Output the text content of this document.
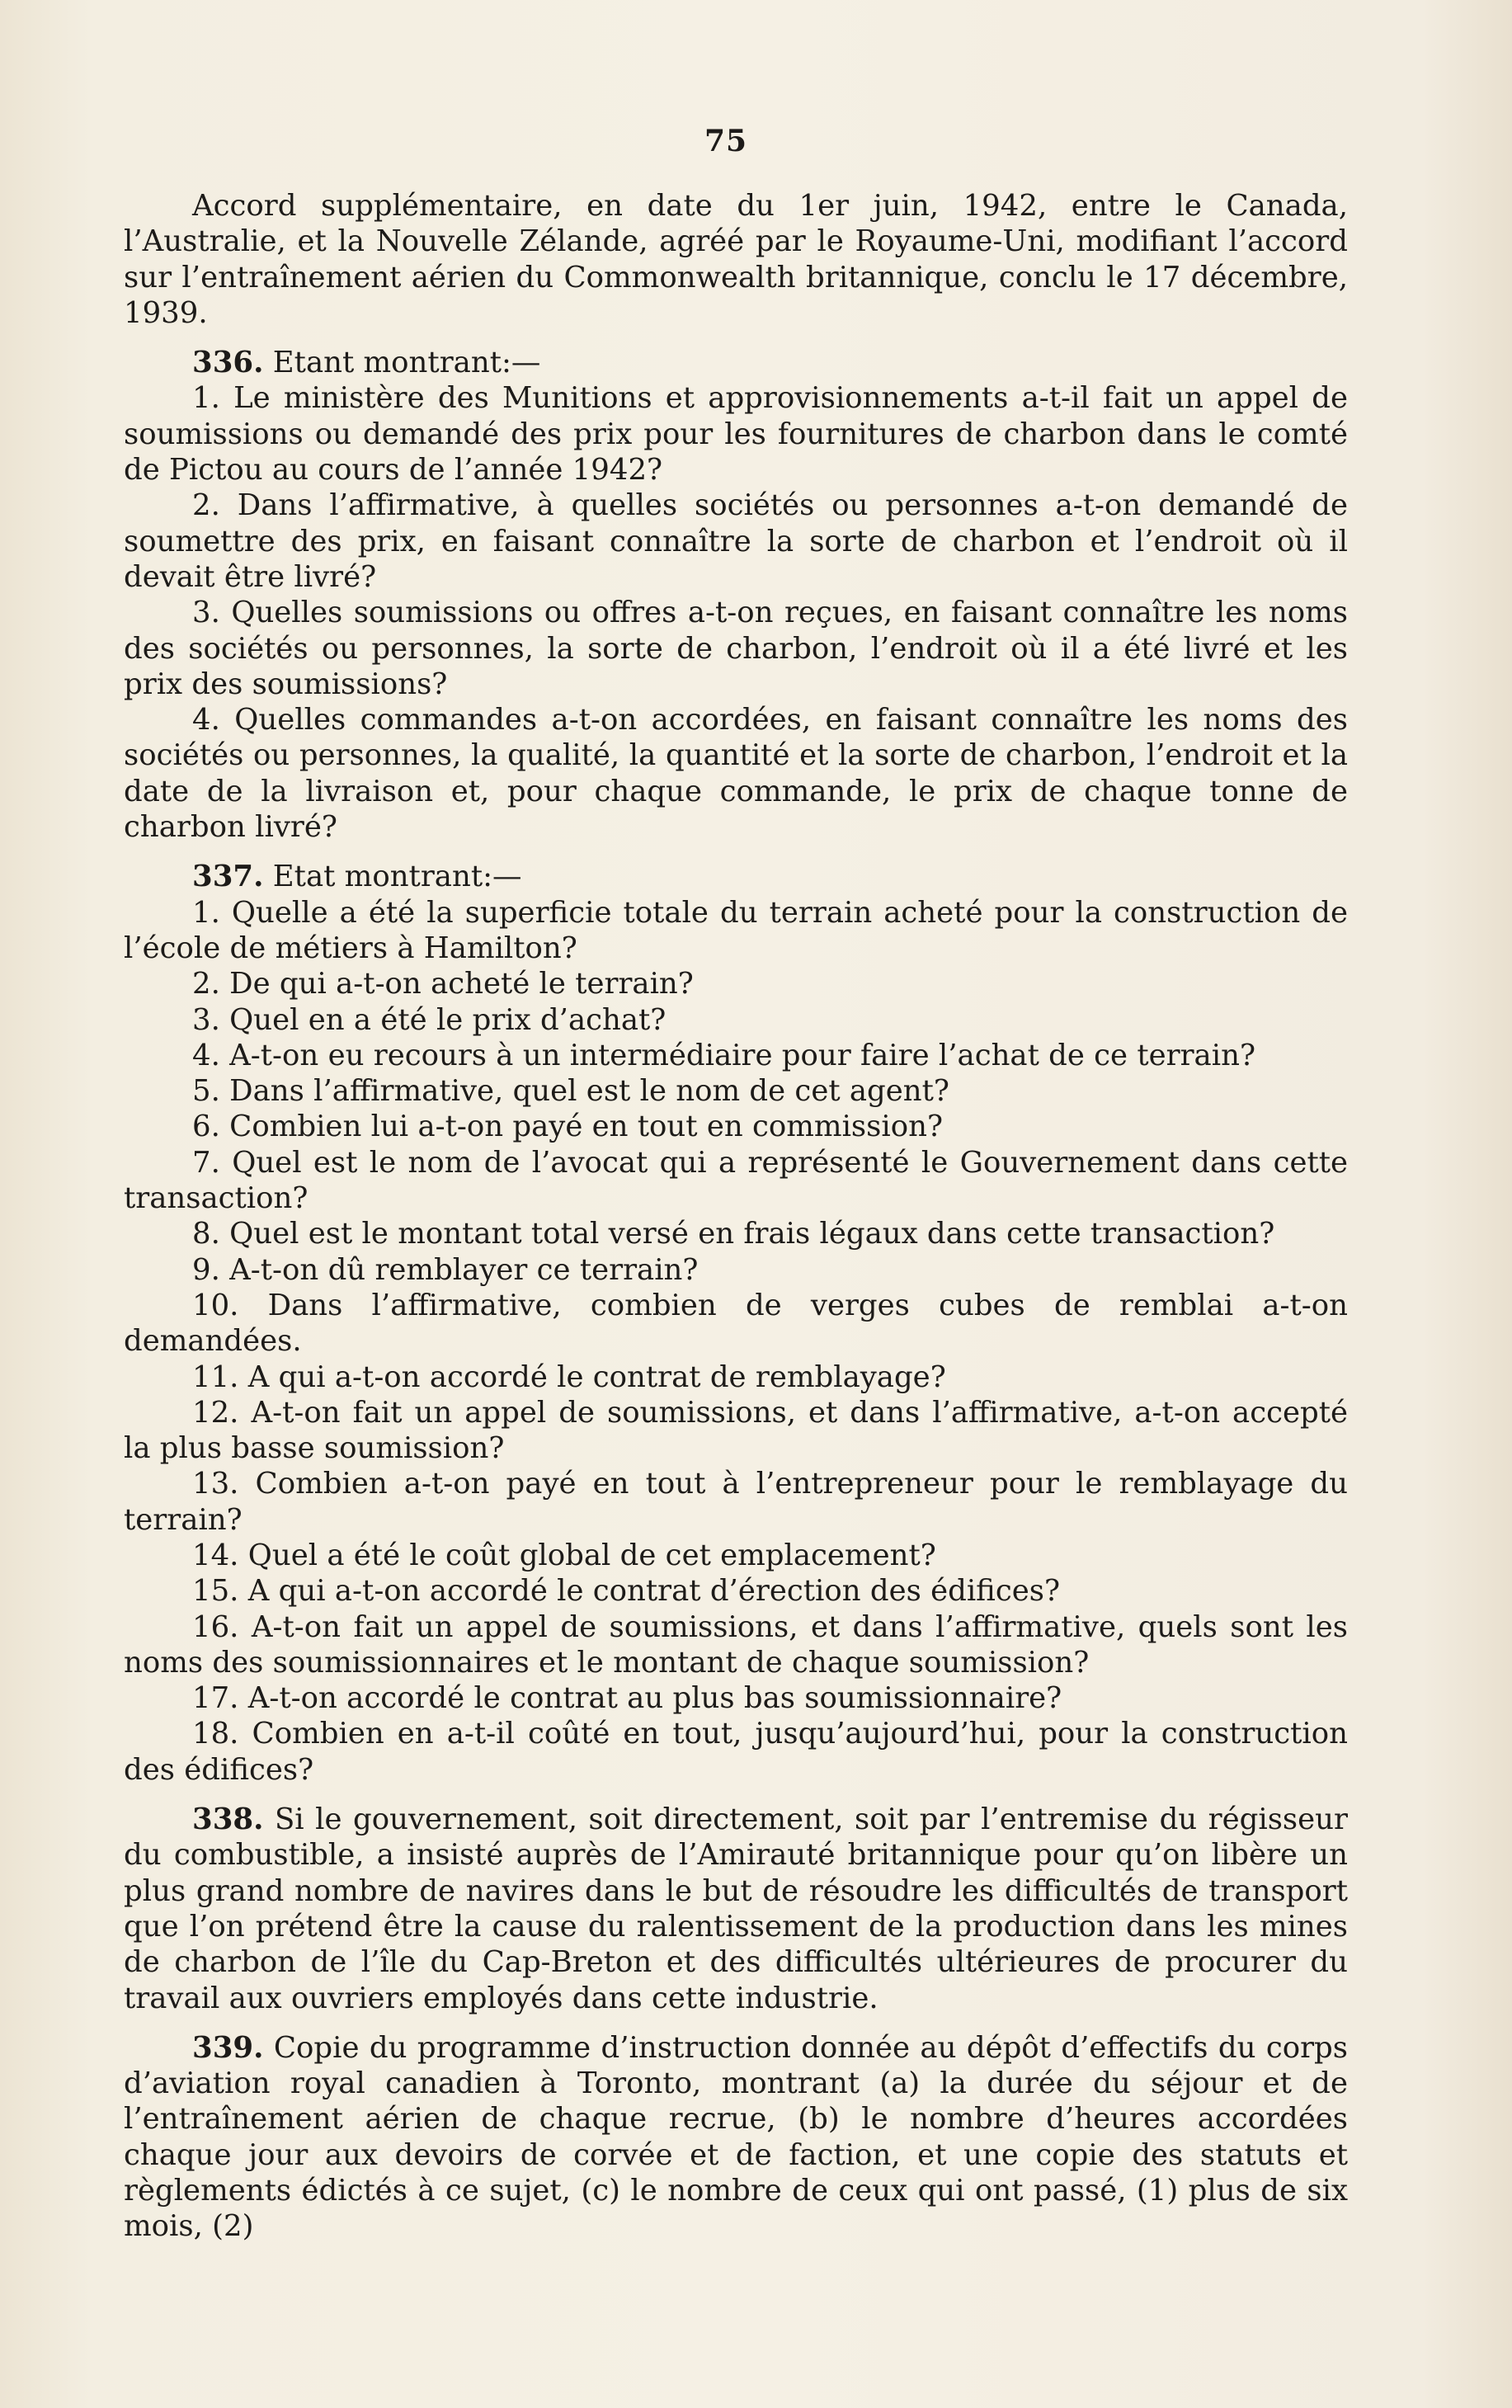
75

Accord supplémentaire, en date du 1er juin, 1942, entre le Canada, l’Australie, et la Nouvelle Zélande, agréé par le Royaume-Uni, modifiant l’accord sur l’entraînement aérien du Commonwealth britannique, conclu le 17 décembre, 1939.

336. Etant montrant:—

1. Le ministère des Munitions et approvisionnements a-t-il fait un appel de soumissions ou demandé des prix pour les fournitures de charbon dans le comté de Pictou au cours de l’année 1942?

2. Dans l’affirmative, à quelles sociétés ou personnes a-t-on demandé de soumettre des prix, en faisant connaître la sorte de charbon et l’endroit où il devait être livré?

3. Quelles soumissions ou offres a-t-on reçues, en faisant connaître les noms des sociétés ou personnes, la sorte de charbon, l’endroit où il a été livré et les prix des soumissions?

4. Quelles commandes a-t-on accordées, en faisant connaître les noms des sociétés ou personnes, la qualité, la quantité et la sorte de charbon, l’endroit et la date de la livraison et, pour chaque commande, le prix de chaque tonne de charbon livré?

337. Etat montrant:—

1. Quelle a été la superficie totale du terrain acheté pour la construction de l’école de métiers à Hamilton?

2. De qui a-t-on acheté le terrain?

3. Quel en a été le prix d’achat?

4. A-t-on eu recours à un intermédiaire pour faire l’achat de ce terrain?

5. Dans l’affirmative, quel est le nom de cet agent?

6. Combien lui a-t-on payé en tout en commission?

7. Quel est le nom de l’avocat qui a représenté le Gouvernement dans cette transaction?

8. Quel est le montant total versé en frais légaux dans cette transaction?

9. A-t-on dû remblayer ce terrain?

10. Dans l’affirmative, combien de verges cubes de remblai a-t-on demandées.

11. A qui a-t-on accordé le contrat de remblayage?

12. A-t-on fait un appel de soumissions, et dans l’affirmative, a-t-on accepté la plus basse soumission?

13. Combien a-t-on payé en tout à l’entrepreneur pour le remblayage du terrain?

14. Quel a été le coût global de cet emplacement?

15. A qui a-t-on accordé le contrat d’érection des édifices?

16. A-t-on fait un appel de soumissions, et dans l’affirmative, quels sont les noms des soumissionnaires et le montant de chaque soumission?

17. A-t-on accordé le contrat au plus bas soumissionnaire?

18. Combien en a-t-il coûté en tout, jusqu’aujourd’hui, pour la construction des édifices?

338. Si le gouvernement, soit directement, soit par l’entremise du régisseur du combustible, a insisté auprès de l’Amirauté britannique pour qu’on libère un plus grand nombre de navires dans le but de résoudre les difficultés de transport que l’on prétend être la cause du ralentissement de la production dans les mines de charbon de l’île du Cap-Breton et des difficultés ultérieures de procurer du travail aux ouvriers employés dans cette industrie.

339. Copie du programme d’instruction donnée au dépôt d’effectifs du corps d’aviation royal canadien à Toronto, montrant (a) la durée du séjour et de l’entraînement aérien de chaque recrue, (b) le nombre d’heures accordées chaque jour aux devoirs de corvée et de faction, et une copie des statuts et règlements édictés à ce sujet, (c) le nombre de ceux qui ont passé, (1) plus de six mois, (2)
